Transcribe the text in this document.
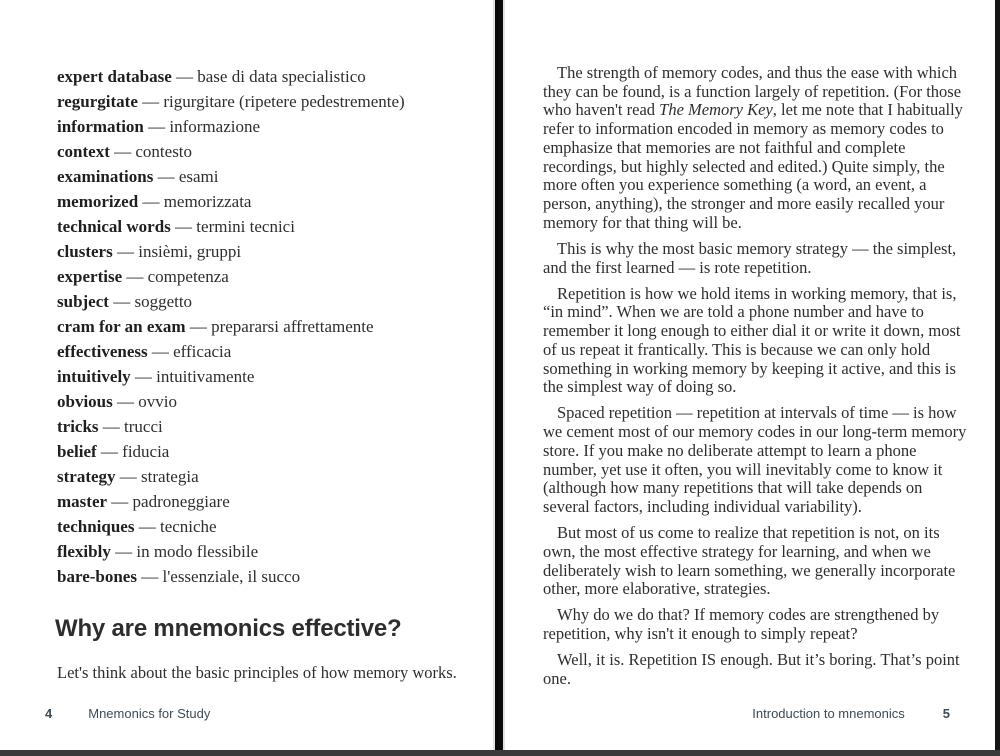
expert database — base di data specialistico
regurgitate — rigurgitare (ripetere pedestremente)
information — informazione
context — contesto
examinations — esami
memorized — memorizzata
technical words — termini tecnici
clusters — insièmi, gruppi
expertise — competenza
subject — soggetto
cram for an exam — prepararsi affrettamente
effectiveness — efficacia
intuitively — intuitivamente
obvious — ovvio
tricks — trucci
belief — fiducia
strategy — strategia
master — padroneggiare
techniques — tecniche
flexibly — in modo flessibile
bare-bones — l'essenziale, il succo
Why are mnemonics effective?

Let's think about the basic principles of how memory works.

4	Mnemonics for Study

The strength of memory codes, and thus the ease with which they can be found, is a function largely of repetition. (For those who haven't read The Memory Key, let me note that I habitually refer to information encoded in memory as memory codes to emphasize that memories are not faithful and complete recordings, but highly selected and edited.) Quite simply, the more often you experience something (a word, an event, a person, anything), the stronger and more easily recalled your memory for that thing will be.

This is why the most basic memory strategy — the simplest, and the first learned — is rote repetition.

Repetition is how we hold items in working memory, that is, “in mind”. When we are told a phone number and have to remember it long enough to either dial it or write it down, most of us repeat it frantically. This is because we can only hold something in working memory by keeping it active, and this is the simplest way of doing so.

Spaced repetition — repetition at intervals of time — is how we cement most of our memory codes in our long-term memory store. If you make no deliberate attempt to learn a phone number, yet use it often, you will inevitably come to know it (although how many repetitions that will take depends on several factors, including individual variability).

But most of us come to realize that repetition is not, on its own, the most effective strategy for learning, and when we deliberately wish to learn something, we generally incorporate other, more elaborative, strategies.

Why do we do that? If memory codes are strengthened by repetition, why isn't it enough to simply repeat?

Well, it is. Repetition IS enough. But it’s boring. That’s point one.

Introduction to mnemonics	5
